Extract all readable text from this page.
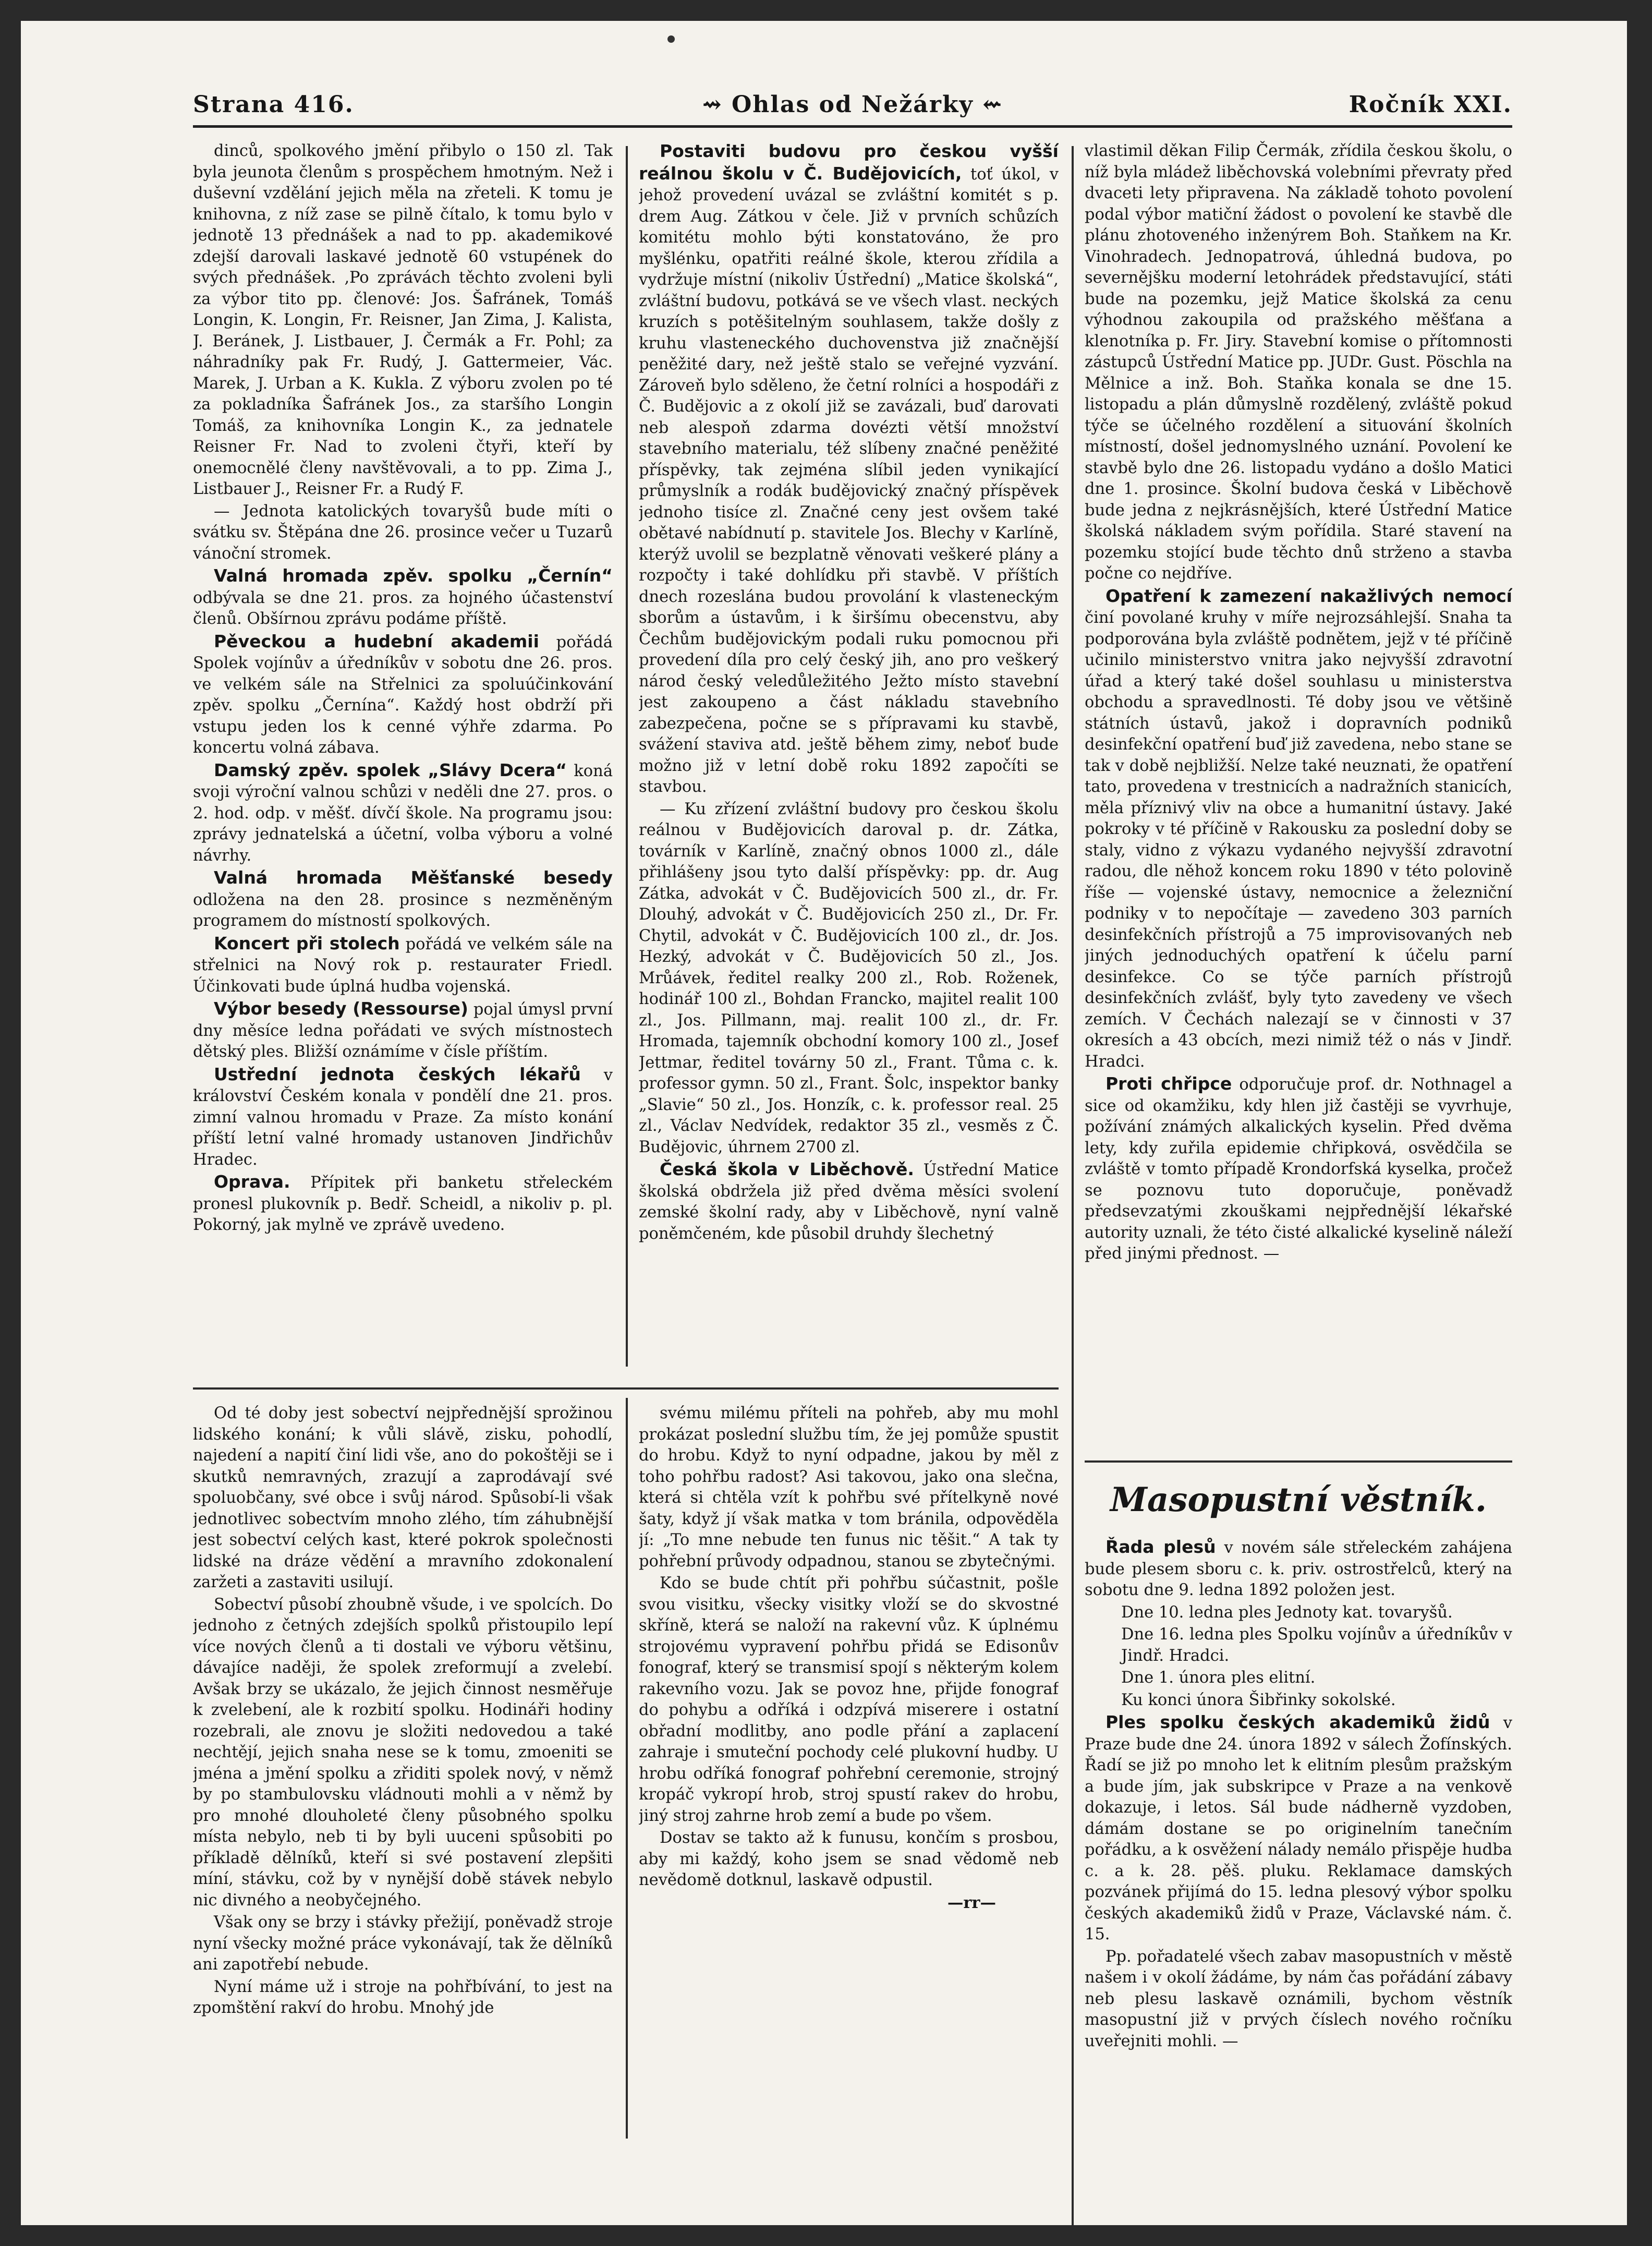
Strana 416.	⇝ Ohlas od Nežárky ⇜	Ročník XXI.

dinců, spolkového jmění přibylo o 150 zl. Tak byla jeunota členům s prospěchem hmotným. Než i duševní vzdělání jejich měla na zřeteli. K tomu je knihovna, z níž zase se pilně čítalo, k tomu bylo v jednotě 13 přednášek a nad to pp. akademikové zdejší darovali laskavé jednotě 60 vstupének do svých přednášek. ‚Po zprávách těchto zvoleni byli za výbor tito pp. členové: Jos. Šafránek, Tomáš Longin, K. Longin, Fr. Reisner, Jan Zima, J. Kalista, J. Beránek, J. Listbauer, J. Čermák a Fr. Pohl; za náhradníky pak Fr. Rudý, J. Gattermeier, Vác. Marek, J. Urban a K. Kukla. Z výboru zvolen po té za pokladníka Šafránek Jos., za staršího Longin Tomáš, za knihovníka Longin K., za jednatele Reisner Fr. Nad to zvoleni čtyři, kteří by onemocnělé členy navštěvovali, a to pp. Zima J., Listbauer J., Reisner Fr. a Rudý F.

— Jednota katolických tovaryšů bude míti o svátku sv. Štěpána dne 26. prosince večer u Tuzarů vánoční stromek.

Valná hromada zpěv. spolku „Černín“ odbývala se dne 21. pros. za hojného účastenství členů. Obšírnou zprávu podáme příště.

Pěveckou a hudební akademii pořádá Spolek vojínův a úředníkův v sobotu dne 26. pros. ve velkém sále na Střelnici za spoluúčinkování zpěv. spolku „Černína“. Každý host obdrží při vstupu jeden los k cenné výhře zdarma. Po koncertu volná zábava.

Damský zpěv. spolek „Slávy Dcera“ koná svoji výroční valnou schůzi v neděli dne 27. pros. o 2. hod. odp. v měšť. dívčí škole. Na programu jsou: zprávy jednatelská a účetní, volba výboru a volné návrhy.

Valná hromada Měšťanské besedy odložena na den 28. prosince s nezměněným programem do místností spolkových.

Koncert při stolech pořádá ve velkém sále na střelnici na Nový rok p. restaurater Friedl. Účinkovati bude úplná hudba vojenská.

Výbor besedy (Ressourse) pojal úmysl první dny měsíce ledna pořádati ve svých místnostech dětský ples. Bližší oznámíme v čísle příštím.

Ustřední jednota českých lékařů v království Českém konala v pondělí dne 21. pros. zimní valnou hromadu v Praze. Za místo konání příští letní valné hromady ustanoven Jindřichův Hradec.

Oprava. Přípitek při banketu střeleckém pronesl plukovník p. Bedř. Scheidl, a nikoliv p. pl. Pokorný, jak mylně ve zprávě uvedeno.

Postaviti budovu pro českou vyšší reálnou školu v Č. Budějovicích, toť úkol, v jehož provedení uvázal se zvláštní komitét s p. drem Aug. Zátkou v čele. Již v prvních schůzích komitétu mohlo býti konstatováno, že pro myšlénku, opatřiti reálné škole, kterou zřídila a vydržuje místní (nikoliv Ústřední) „Matice školská“, zvláštní budovu, potkává se ve všech vlast. neckých kruzích s potěšitelným souhlasem, takže došly z kruhu vlasteneckého duchovenstva již značnější peněžité dary, než ještě stalo se veřejné vyzvání. Zároveň bylo sděleno, že četní rolníci a hospodáři z Č. Budějovic a z okolí již se zavázali, buď darovati neb alespoň zdarma dovézti větší množství stavebního materialu, též slíbeny značné peněžité příspěvky, tak zejména slíbil jeden vynikající průmyslník a rodák budějovický značný příspěvek jednoho tisíce zl. Značné ceny jest ovšem také obětavé nabídnutí p. stavitele Jos. Blechy v Karlíně, kterýž uvolil se bezplatně věnovati veškeré plány a rozpočty i také dohlídku při stavbě. V příštích dnech rozeslána budou provolání k vlasteneckým sborům a ústavům, i k širšímu obecenstvu, aby Čechům budějovickým podali ruku pomocnou při provedení díla pro celý český jih, ano pro veškerý národ český veledůležitého Ježto místo stavební jest zakoupeno a část nákladu stavebního zabezpečena, počne se s přípravami ku stavbě, svážení staviva atd. ještě během zimy, neboť bude možno již v letní době roku 1892 započíti se stavbou.

— Ku zřízení zvláštní budovy pro českou školu reálnou v Budějovicích daroval p. dr. Zátka, továrník v Karlíně, značný obnos 1000 zl., dále přihlášeny jsou tyto další příspěvky: pp. dr. Aug Zátka, advokát v Č. Budějovicích 500 zl., dr. Fr. Dlouhý, advokát v Č. Budějovicích 250 zl., Dr. Fr. Chytil, advokát v Č. Budějovicích 100 zl., dr. Jos. Hezký, advokát v Č. Budějovicích 50 zl., Jos. Mrůávek, ředitel realky 200 zl., Rob. Roženek, hodinář 100 zl., Bohdan Francko, majitel realit 100 zl., Jos. Pillmann, maj. realit 100 zl., dr. Fr. Hromada, tajemník obchodní komory 100 zl., Josef Jettmar, ředitel továrny 50 zl., Frant. Tůma c. k. professor gymn. 50 zl., Frant. Šolc, inspektor banky „Slavie“ 50 zl., Jos. Honzík, c. k. professor real. 25 zl., Václav Nedvídek, redaktor 35 zl., vesměs z Č. Budějovic, úhrnem 2700 zl.

Česká škola v Liběchově. Ústřední Matice školská obdržela již před dvěma měsíci svolení zemské školní rady, aby v Liběchově, nyní valně poněmčeném, kde působil druhdy šlechetný

vlastimil děkan Filip Čermák, zřídila českou školu, o níž byla mládež liběchovská volebními převraty před dvaceti lety připravena. Na základě tohoto povolení podal výbor matiční žádost o povolení ke stavbě dle plánu zhotoveného inženýrem Boh. Staňkem na Kr. Vinohradech. Jednopatrová, úhledná budova, po severnějšku moderní letohrádek představující, státi bude na pozemku, jejž Matice školská za cenu výhodnou zakoupila od pražského měšťana a klenotníka p. Fr. Jiry. Stavební komise o přítomnosti zástupců Ústřední Matice pp. JUDr. Gust. Pöschla na Mělnice a inž. Boh. Staňka konala se dne 15. listopadu a plán důmyslně rozdělený, zvláště pokud týče se účelného rozdělení a situování školních místností, došel jednomyslného uznání. Povolení ke stavbě bylo dne 26. listopadu vydáno a došlo Matici dne 1. prosince. Školní budova česká v Liběchově bude jedna z nejkrásnějších, které Ústřední Matice školská nákladem svým pořídila. Staré stavení na pozemku stojící bude těchto dnů strženo a stavba počne co nejdříve.

Opatření k zamezení nakažlivých nemocí činí povolané kruhy v míře nejrozsáhlejší. Snaha ta podporována byla zvláště podnětem, jejž v té příčině učinilo ministerstvo vnitra jako nejvyšší zdravotní úřad a který také došel souhlasu u ministerstva obchodu a spravedlnosti. Té doby jsou ve většině státních ústavů, jakož i dopravních podniků desinfekční opatření buď již zavedena, nebo stane se tak v době nejbližší. Nelze také neuznati, že opatření tato, provedena v trestnicích a nadražních stanicích, měla příznivý vliv na obce a humanitní ústavy. Jaké pokroky v té příčině v Rakousku za poslední doby se staly, vidno z výkazu vydaného nejvyšší zdravotní radou, dle něhož koncem roku 1890 v této polovině říše — vojenské ústavy, nemocnice a železniční podniky v to nepočítaje — zavedeno 303 parních desinfekčních přístrojů a 75 improvisovaných neb jiných jednoduchých opatření k účelu parní desinfekce. Co se týče parních přístrojů desinfekčních zvlášť, byly tyto zavedeny ve všech zemích. V Čechách nalezají se v činnosti v 37 okresích a 43 obcích, mezi nimiž též o nás v Jindř. Hradci.

Proti chřipce odporučuje prof. dr. Nothnagel a sice od okamžiku, kdy hlen již častěji se vyvrhuje, požívání známých alkalických kyselin. Před dvěma lety, kdy zuřila epidemie chřipková, osvědčila se zvláště v tomto případě Krondorfská kyselka, pročež se poznovu tuto doporučuje, poněvadž předsevzatými zkouškami nejpřednější lékařské autority uznali, že této čisté alkalické kyselině náleží před jinými přednost. —

Od té doby jest sobectví nejpřednější sprožinou lidského konání; k vůli slávě, zisku, pohodlí, najedení a napití činí lidi vše, ano do pokoštěji se i skutků nemravných, zrazují a zaprodávají své spoluobčany, své obce i svůj národ. Spůsobí-li však jednotlivec sobectvím mnoho zlého, tím záhubnější jest sobectví celých kast, které pokrok společnosti lidské na dráze vědění a mravního zdokonalení zaržeti a zastaviti usilují.

Sobectví působí zhoubně všude, i ve spolcích. Do jednoho z četných zdejších spolků přistoupilo lepí více nových členů a ti dostali ve výboru většinu, dávajíce naději, že spolek zreformují a zvelebí. Avšak brzy se ukázalo, že jejich činnost nesměřuje k zvelebení, ale k rozbití spolku. Hodináři hodiny rozebrali, ale znovu je složiti nedovedou a také nechtějí, jejich snaha nese se k tomu, zmoeniti se jména a jmění spolku a zřiditi spolek nový, v němž by po stambulovsku vládnouti mohli a v němž by pro mnohé dlouholeté členy působného spolku místa nebylo, neb ti by byli uuceni spůsobiti po příkladě dělníků, kteří si své postavení zlepšiti míní, stávku, což by v nynější době stávek nebylo nic divného a neobyčejného.

Však ony se brzy i stávky přežijí, poněvadž stroje nyní všecky možné práce vykonávají, tak že dělníků ani zapotřebí nebude.

Nyní máme už i stroje na pohřbívání, to jest na zpomštění rakví do hrobu. Mnohý jde

svému milému příteli na pohřeb, aby mu mohl prokázat poslední službu tím, že jej pomůže spustit do hrobu. Když to nyní odpadne, jakou by měl z toho pohřbu radost? Asi takovou, jako ona slečna, která si chtěla vzít k pohřbu své přítelkyně nové šaty, když jí však matka v tom bránila, odpověděla jí: „To mne nebude ten funus nic těšit.“ A tak ty pohřební průvody odpadnou, stanou se zbytečnými.

Kdo se bude chtít při pohřbu súčastnit, pošle svou visitku, všecky visitky vloží se do skvostné skříně, která se naloží na rakevní vůz. K úplnému strojovému vypravení pohřbu přidá se Edisonův fonograf, který se transmisí spojí s některým kolem rakevního vozu. Jak se povoz hne, přijde fonograf do pohybu a odříká i odzpívá miserere i ostatní obřadní modlitby, ano podle přání a zaplacení zahraje i smuteční pochody celé plukovní hudby. U hrobu odříká fonograf pohřební ceremonie, strojný kropáč vykropí hrob, stroj spustí rakev do hrobu, jiný stroj zahrne hrob zemí a bude po všem.

Dostav se takto až k funusu, končím s prosbou, aby mi každý, koho jsem se snad vědomě neb nevědomě dotknul, laskavě odpustil.

—rr—
Masopustní věstník.

Řada plesů v novém sále střeleckém zahájena bude plesem sboru c. k. priv. ostrostřelců, který na sobotu dne 9. ledna 1892 položen jest.

Dne 10. ledna ples Jednoty kat. tovaryšů.

Dne 16. ledna ples Spolku vojínův a úředníkův v Jindř. Hradci.

Dne 1. února ples elitní.

Ku konci února Šibřinky sokolské.

Ples spolku českých akademiků židů v Praze bude dne 24. února 1892 v sálech Žofínských. Řadí se již po mnoho let k elitním plesům pražským a bude jím, jak subskripce v Praze a na venkově dokazuje, i letos. Sál bude nádherně vyzdoben, dámám dostane se po originelním tanečním pořádku, a k osvěžení nálady nemálo přispěje hudba c. a k. 28. pěš. pluku. Reklamace damských pozvánek přijímá do 15. ledna plesový výbor spolku českých akademiků židů v Praze, Václavské nám. č. 15.

Pp. pořadatelé všech zabav masopustních v městě našem i v okolí žádáme, by nám čas pořádání zábavy neb plesu laskavě oznámili, bychom věstník masopustní již v prvých číslech nového ročníku uveřejniti mohli. —
